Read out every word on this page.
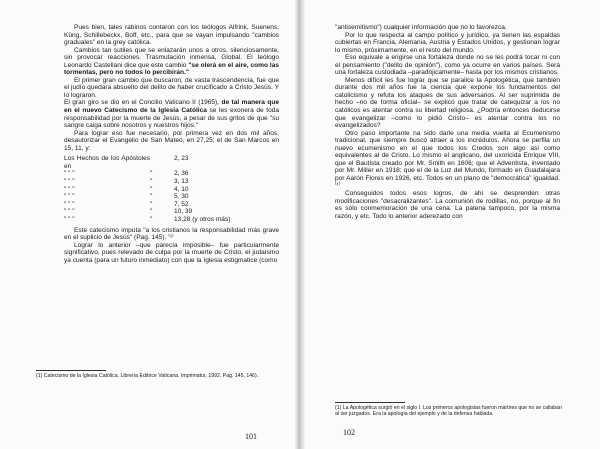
Pues bien, tales rabinos contaron con los teólogos Alfrink, Suenens, Küng, Schillebeckx, Boff, etc., para que se vayan impulsando "cambios graduales" en la grey católica.

Cambios tan sutiles que se enlazarán unos a otros, silenciosamente, sin provocar reacciones. Trasmutación inmensa, Global. El teólogo Leonardo Castellani dice que este cambio "se olerá en el aire, como las tormentas, pero no todos lo percibirán."

El primer gran cambio que buscaron, de vasta trascendencia, fue que el judío quedara absuelto del delito de haber crucificado a Cristo Jesús. Y lo lograron.

El gran giro se dio en el Concilio Vaticano II (1965), de tal manera que en el nuevo Catecismo de la Iglesia Católica se les exonera de toda responsabilidad por la muerte de Jesús, a pesar de sus gritos de que "su sangre caiga sobre nosotros y nuestros hijos."

Para lograr eso fue necesario, por primera vez en dos mil años, desautorizar el Evangelio de San Mateo, en 27,25; el de San Marcos en 15, 11, y:

Los Hechos de los Apóstoles en
2, 23
" " "	"	2, 36
" " "	"	3, 13
" " "	"	4, 10
" " "	"	5, 30
" " "	"	7, 52
" " "	"	10, 39
" " "	"	13,28 (y otros más)

Este catecismo imputa "a los cristianos la responsabilidad más grave en el suplicio de Jesús" (Pag. 145). ⁽¹⁾

Lograr lo anterior –que parecía imposible– fue particularmente significativo, pues relevado de culpa por la muerte de Cristo, el judaísmo ya cuenta (para un futuro inmediato) con que la Iglesia estigmatice (como

(1) Catecismo de la Iglesia Católica. Librería Editrice Vaticana. Imprimatur, 1992. Pag. 145, 146).
101

"antisemitismo") cualquier información que no lo favorezca.

Por lo que respecta al campo político y jurídico, ya tienen las espaldas cubiertas en Francia, Alemania, Austria y Estados Unidos, y gestionan lograr lo mismo, próximamente, en el resto del mundo.

Eso equivale a erigirse una fortaleza donde no se les podrá tocar ni con el pensamiento ("delito de opinión"), como ya ocurre en varios países. Será una fortaleza custodiada –paradójicamente– hasta por los mismos cristianos.

Menos difícil les fue lograr que se paralice la Apologética, que también durante dos mil años fue la ciencia que expone los fundamentos del catolicismo y refuta los ataques de sus adversarios. Al ser suprimida de hecho –no de forma oficial– se explicó que tratar de catequizar a los no católicos es atentar contra su libertad religiosa. ¿Podría entonces deducirse que evangelizar –como lo pidió Cristo– es atentar contra los no evangelizados?

Otro paso importante na sido darle una media vuelta al Ecumenismo tradicional, que siempre buscó atraer a los incrédulos. Ahora se perfila un nuevo ecumenismo en el que todos los Credos son algo así como equivalentes al de Cristo. Lo mismo el anglicano, del uxoricida Enrique VIII, que el Bautista creado por Mr. Smith en 1606; que el Adventista, inventado por Mr. Miller en 1918; que el de la Luz del Mundo, formado en Guadalajara por Aarón Flores en 1926, etc. Todos en un plano de "democrática" igualdad. ⁽¹⁾

Conseguidos todos esos logros, de ahí se desprenden otras modificaciones "desacralizantes". La comunión de rodillas, no, porque al fin es sólo conmemoración de una cena. La patena tampoco, por la misma razón, y etc. Todo lo anterior aderezado con

(1) La Apologética surgió en el siglo I. Los primeros apologistas fueron mártires que no se callaban al ser juzgados. Era la apología del ejemplo y de la defensa hablada.
102
